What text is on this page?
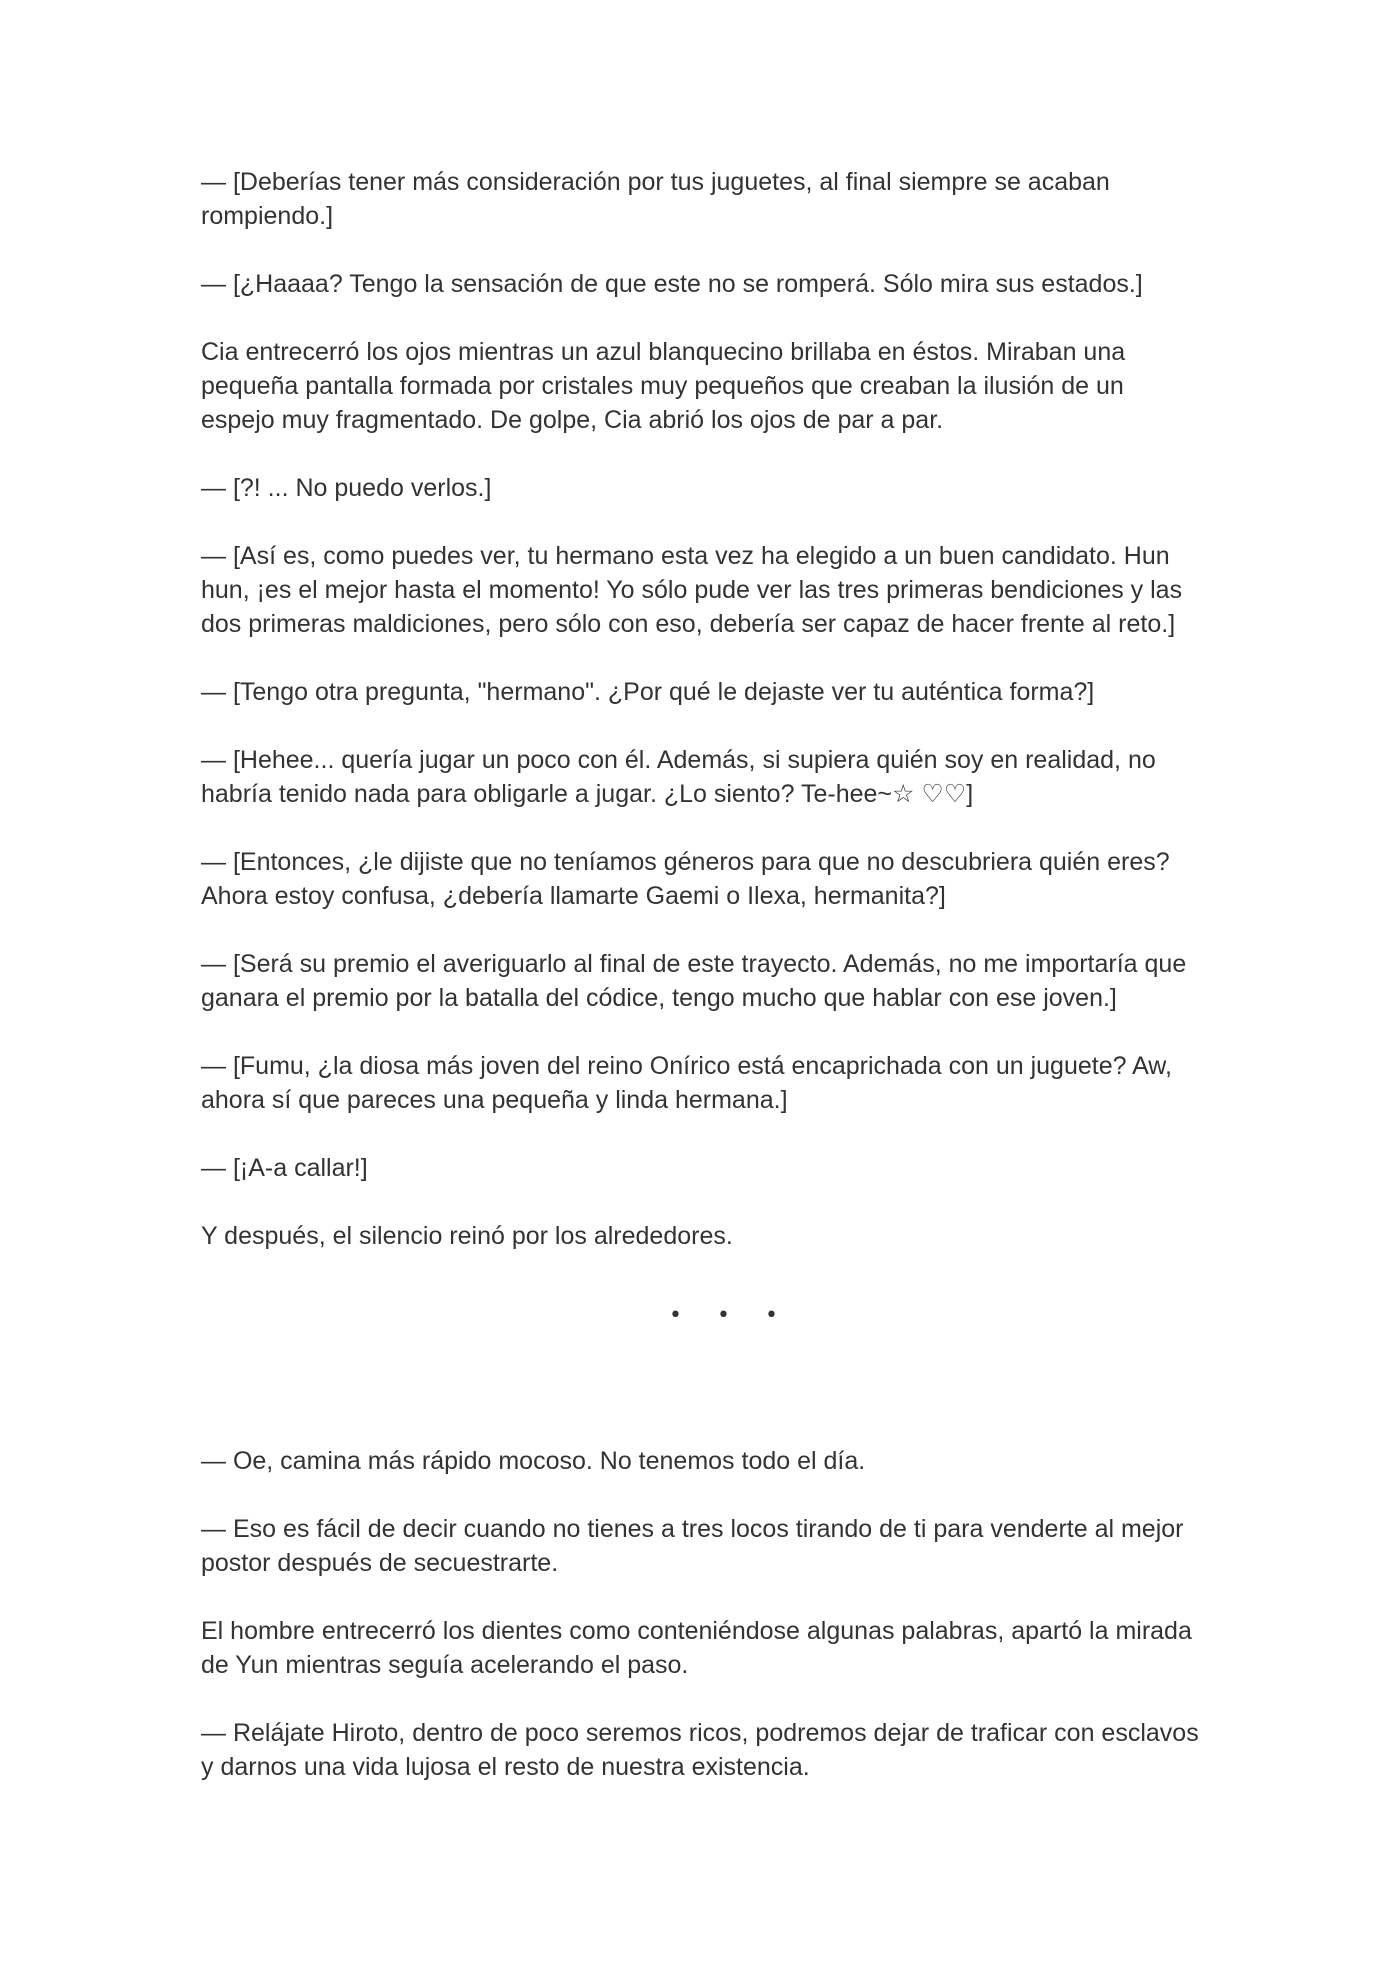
— [Deberías tener más consideración por tus juguetes, al final siempre se acaban rompiendo.]

— [¿Haaaa? Tengo la sensación de que este no se romperá. Sólo mira sus estados.]

Cia entrecerró los ojos mientras un azul blanquecino brillaba en éstos. Miraban una pequeña pantalla formada por cristales muy pequeños que creaban la ilusión de un espejo muy fragmentado. De golpe, Cia abrió los ojos de par a par.

— [?! ... No puedo verlos.]

— [Así es, como puedes ver, tu hermano esta vez ha elegido a un buen candidato. Hun hun, ¡es el mejor hasta el momento! Yo sólo pude ver las tres primeras bendiciones y las dos primeras maldiciones, pero sólo con eso, debería ser capaz de hacer frente al reto.]

— [Tengo otra pregunta, "hermano". ¿Por qué le dejaste ver tu auténtica forma?]

— [Hehee... quería jugar un poco con él. Además, si supiera quién soy en realidad, no habría tenido nada para obligarle a jugar. ¿Lo siento? Te-hee~☆ ♡♡]

— [Entonces, ¿le dijiste que no teníamos géneros para que no descubriera quién eres? Ahora estoy confusa, ¿debería llamarte Gaemi o Ilexa, hermanita?]

— [Será su premio el averiguarlo al final de este trayecto. Además, no me importaría que ganara el premio por la batalla del códice, tengo mucho que hablar con ese joven.]

— [Fumu, ¿la diosa más joven del reino Onírico está encaprichada con un juguete? Aw, ahora sí que pareces una pequeña y linda hermana.]

— [¡A-a callar!]

Y después, el silencio reinó por los alrededores.

• • •

— Oe, camina más rápido mocoso. No tenemos todo el día.

— Eso es fácil de decir cuando no tienes a tres locos tirando de ti para venderte al mejor postor después de secuestrarte.

El hombre entrecerró los dientes como conteniéndose algunas palabras, apartó la mirada de Yun mientras seguía acelerando el paso.

— Relájate Hiroto, dentro de poco seremos ricos, podremos dejar de traficar con esclavos y darnos una vida lujosa el resto de nuestra existencia.
